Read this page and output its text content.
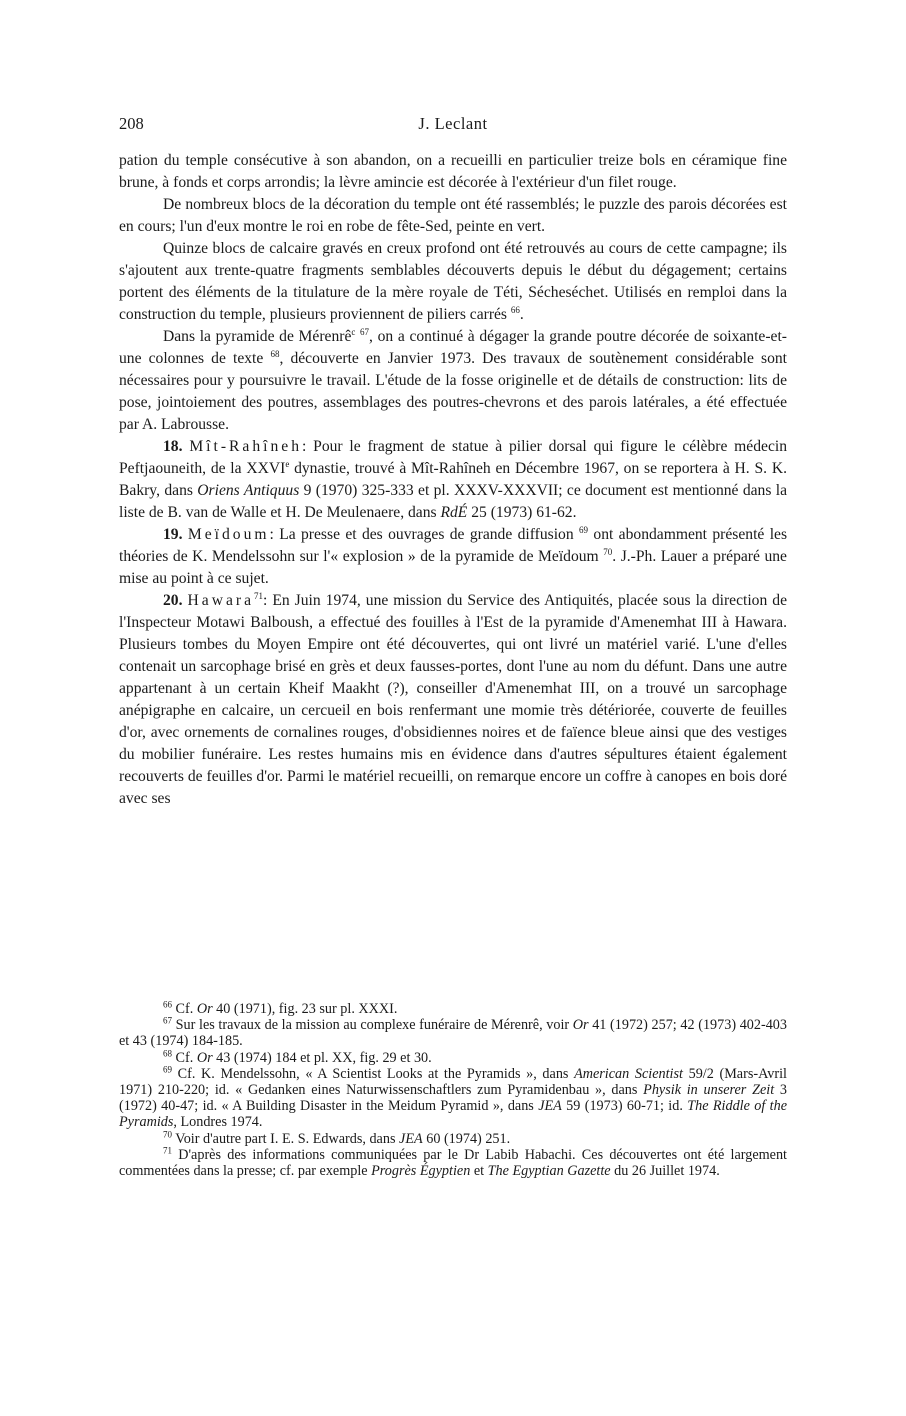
208	J. Leclant

pation du temple consécutive à son abandon, on a recueilli en particulier treize bols en céramique fine brune, à fonds et corps arrondis; la lèvre amincie est décorée à l'extérieur d'un filet rouge.

De nombreux blocs de la décoration du temple ont été rassemblés; le puzzle des parois décorées est en cours; l'un d'eux montre le roi en robe de fête-Sed, peinte en vert.

Quinze blocs de calcaire gravés en creux profond ont été retrouvés au cours de cette campagne; ils s'ajoutent aux trente-quatre fragments semblables découverts depuis le début du dégagement; certains portent des éléments de la titulature de la mère royale de Téti, Sécheséchet. Utilisés en remploi dans la construction du temple, plusieurs proviennent de piliers carrés $^{66}$.

Dans la pyramide de Mérenrê$^c$ $^{67}$, on a continué à dégager la grande poutre décorée de soixante-et-une colonnes de texte $^{68}$, découverte en Janvier 1973. Des travaux de soutènement considérable sont nécessaires pour y poursuivre le travail. L'étude de la fosse originelle et de détails de construction: lits de pose, jointoiement des poutres, assemblages des poutres-chevrons et des parois latérales, a été effectuée par A. Labrousse.

18. Mît-Rahîneh: Pour le fragment de statue à pilier dorsal qui figure le célèbre médecin Peftjaouneith, de la XXVIe dynastie, trouvé à Mît-Rahîneh en Décembre 1967, on se reportera à H. S. K. Bakry, dans Oriens Antiquus 9 (1970) 325-333 et pl. XXXV-XXXVII; ce document est mentionné dans la liste de B. van de Walle et H. De Meulenaere, dans RdÉ 25 (1973) 61-62.

19. Meïdoum: La presse et des ouvrages de grande diffusion $^{69}$ ont abondamment présenté les théories de K. Mendelssohn sur l'« explosion » de la pyramide de Meïdoum $^{70}$. J.-Ph. Lauer a préparé une mise au point à ce sujet.

20. Hawara$^{71}$: En Juin 1974, une mission du Service des Antiquités, placée sous la direction de l'Inspecteur Motawi Balboush, a effectué des fouilles à l'Est de la pyramide d'Amenemhat III à Hawara. Plusieurs tombes du Moyen Empire ont été découvertes, qui ont livré un matériel varié. L'une d'elles contenait un sarcophage brisé en grès et deux fausses-portes, dont l'une au nom du défunt. Dans une autre appartenant à un certain Kheif Maakht (?), conseiller d'Amenemhat III, on a trouvé un sarcophage anépigraphe en calcaire, un cercueil en bois renfermant une momie très détériorée, couverte de feuilles d'or, avec ornements de cornalines rouges, d'obsidiennes noires et de faïence bleue ainsi que des vestiges du mobilier funéraire. Les restes humains mis en évidence dans d'autres sépultures étaient également recouverts de feuilles d'or. Parmi le matériel recueilli, on remarque encore un coffre à canopes en bois doré avec ses

$^{66}$ Cf. Or 40 (1971), fig. 23 sur pl. XXXI.

$^{67}$ Sur les travaux de la mission au complexe funéraire de Mérenrê, voir Or 41 (1972) 257; 42 (1973) 402-403 et 43 (1974) 184-185.

$^{68}$ Cf. Or 43 (1974) 184 et pl. XX, fig. 29 et 30.

$^{69}$ Cf. K. Mendelssohn, « A Scientist Looks at the Pyramids », dans American Scientist 59/2 (Mars-Avril 1971) 210-220; id. « Gedanken eines Naturwissenschaftlers zum Pyramidenbau », dans Physik in unserer Zeit 3 (1972) 40-47; id. « A Building Disaster in the Meidum Pyramid », dans JEA 59 (1973) 60-71; id. The Riddle of the Pyramids, Londres 1974.

$^{70}$ Voir d'autre part I. E. S. Edwards, dans JEA 60 (1974) 251.

$^{71}$ D'après des informations communiquées par le Dr Labib Habachi. Ces découvertes ont été largement commentées dans la presse; cf. par exemple Progrès Égyptien et The Egyptian Gazette du 26 Juillet 1974.
